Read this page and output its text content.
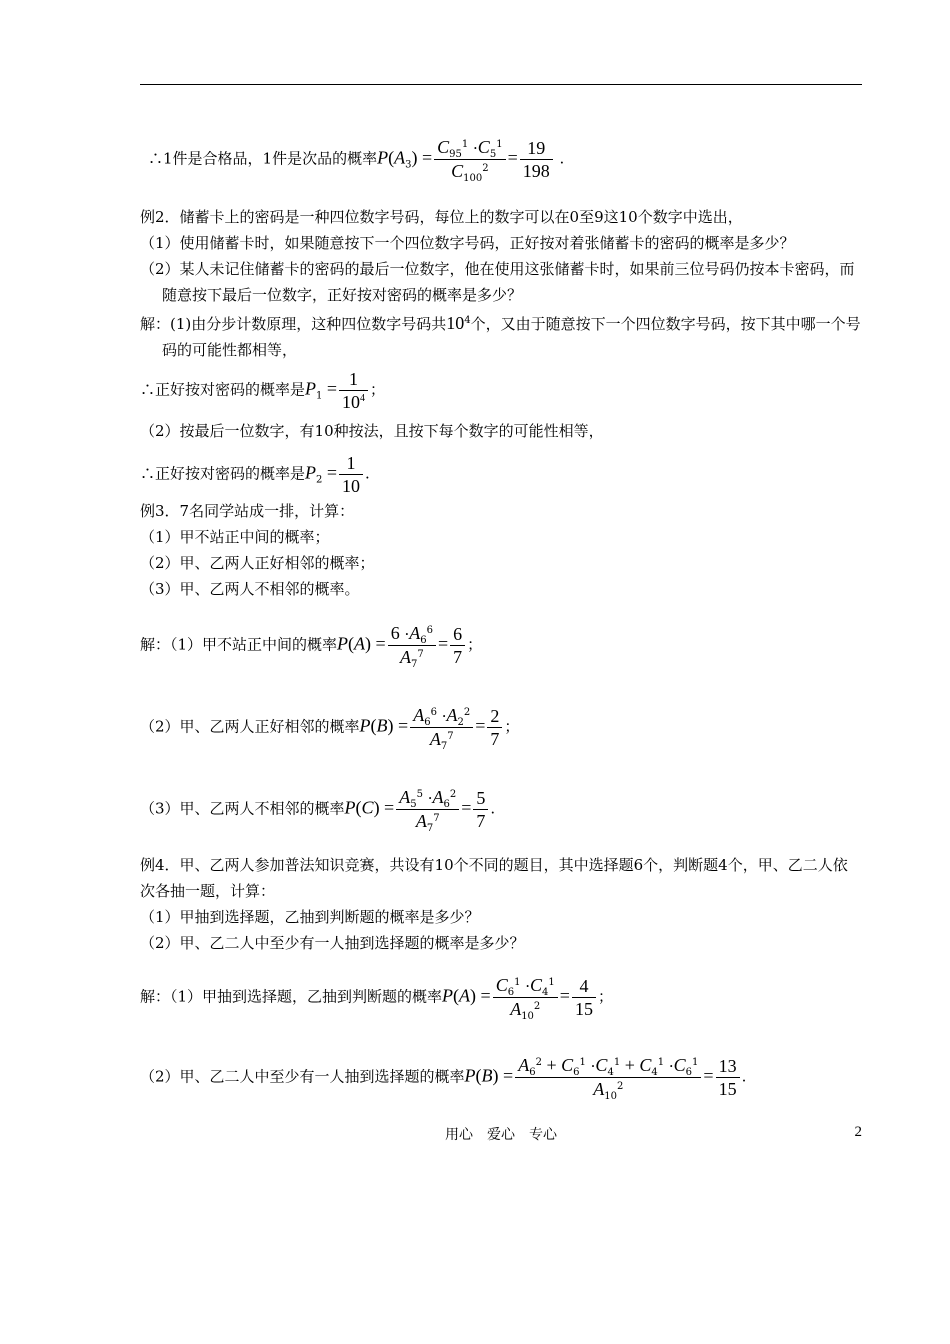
∴1件是合格品，1件是次品的概率$P(A_3) = \frac{C_{95}^1 \cdot C_5^1}{C_{100}^2} = \frac{19}{198}$ .
例2．储蓄卡上的密码是一种四位数字号码，每位上的数字可以在0至9这10个数字中选出，
（1）使用储蓄卡时，如果随意按下一个四位数字号码，正好按对着张储蓄卡的密码的概率是多少？
（2）某人未记住储蓄卡的密码的最后一位数字，他在使用这张储蓄卡时，如果前三位号码仍按本卡密码，而随意按下最后一位数字，正好按对密码的概率是多少？
解：(1)由分步计数原理，这种四位数字号码共$10^4$个，又由于随意按下一个四位数字号码，按下其中哪一个号码的可能性都相等，
∴正好按对密码的概率是$P_1 = \frac{1}{10^4}$ ；
（2）按最后一位数字，有10种按法，且按下每个数字的可能性相等，
∴正好按对密码的概率是$P_2 = \frac{1}{10}$ .
例3．7名同学站成一排，计算：
（1）甲不站正中间的概率；
（2）甲、乙两人正好相邻的概率；
（3）甲、乙两人不相邻的概率。
解：（1）甲不站正中间的概率$P(A) = \frac{6 \cdot A_6^6}{A_7^7} = \frac{6}{7}$ ；
（2）甲、乙两人正好相邻的概率$P(B) = \frac{A_6^6 \cdot A_2^2}{A_7^7} = \frac{2}{7}$ ；
（3）甲、乙两人不相邻的概率$P(C) = \frac{A_5^5 \cdot A_6^2}{A_7^7} = \frac{5}{7}$ .
例4．甲、乙两人参加普法知识竞赛，共设有10个不同的题目，其中选择题6个，判断题4个，甲、乙二人依次各抽一题，计算：
（1）甲抽到选择题，乙抽到判断题的概率是多少？
（2）甲、乙二人中至少有一人抽到选择题的概率是多少？
解：（1）甲抽到选择题，乙抽到判断题的概率$P(A) = \frac{C_6^1 \cdot C_4^1}{A_{10}^2} = \frac{4}{15}$ ；
（2）甲、乙二人中至少有一人抽到选择题的概率$P(B) = \frac{A_6^2 + C_6^1 \cdot C_4^1 + C_4^1 \cdot C_6^1}{A_{10}^2} = \frac{13}{15}$ .
用心　爱心　专心	2
